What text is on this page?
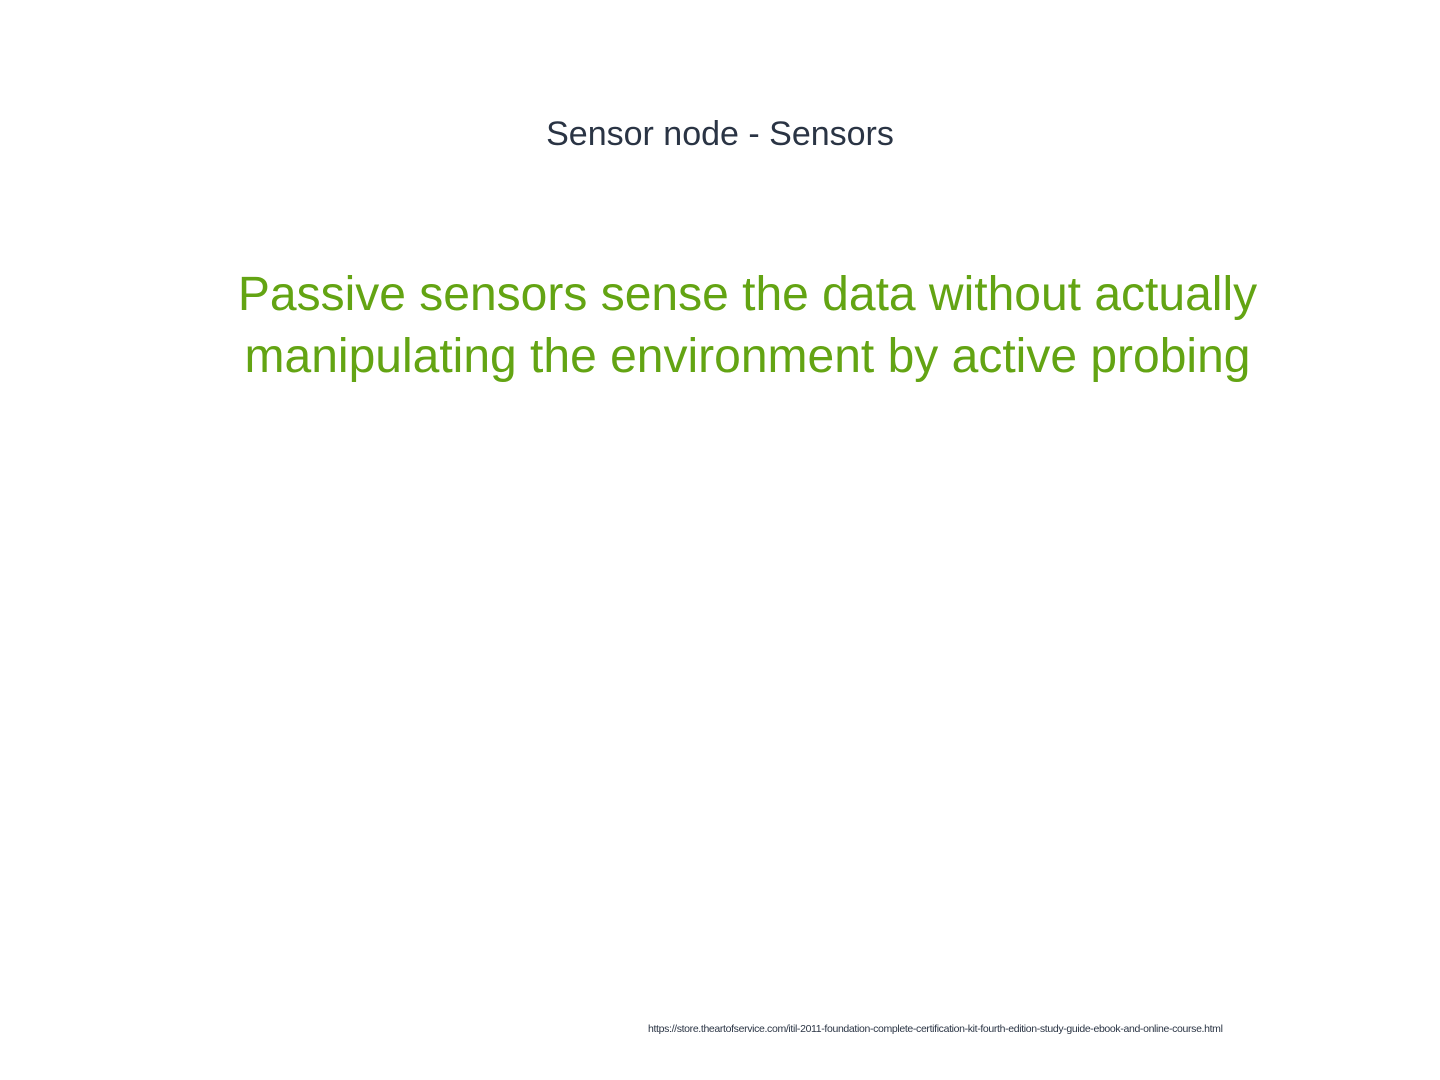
Sensor node - Sensors
Passive sensors sense the data without actually
manipulating the environment by active probing
https://store.theartofservice.com/itil-2011-foundation-complete-certification-kit-fourth-edition-study-guide-ebook-and-online-course.html
